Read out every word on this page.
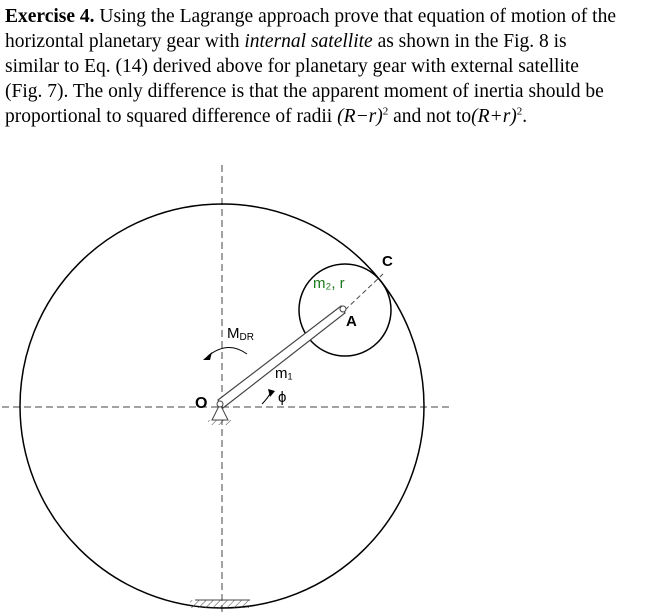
Exercise 4. Using the Lagrange approach prove that equation of motion of the
horizontal planetary gear with internal satellite as shown in the Fig. 8 is
similar to Eq. (14) derived above for planetary gear with external satellite
(Fig. 7). The only difference is that the apparent moment of inertia should be
proportional to squared difference of radii $(R-r)^2$ and not $to(R+r)^2$.
C
A
O
m₂, r
MDR
m₁
ϕ
